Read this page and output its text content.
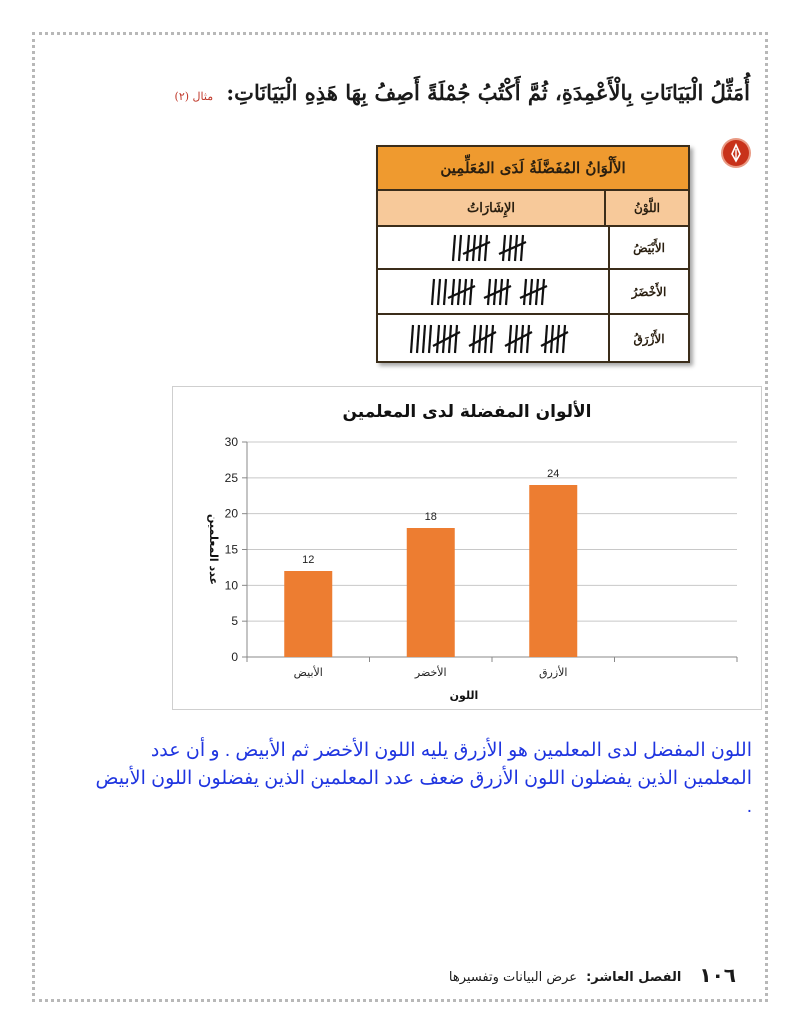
أُمَثِّلُ الْبَيَانَاتِ بِالْأَعْمِدَةِ، ثُمَّ أَكْتُبُ جُمْلَةً أَصِفُ بِهَا هَذِهِ الْبَيَانَاتِ: مثال (٢)
الأَلْوَانُ المُفَضَّلَةُ لَدَى المُعَلِّمِين
اللَّوْنُ
الإِشَارَاتُ
الأَبْيَضُ
الأَخْضَرُ
الأَزْرَقُ
الألوان المفضلة لدى المعلمين
0
5
10
15
20
25
30
12
الأبيض
18
الأخضر
24
الأزرق
اللون
عدد المعلمين
اللون المفضل لدى المعلمين هو الأزرق يليه اللون الأخضر ثم الأبيض . و أن عدد المعلمين الذين يفضلون اللون الأزرق ضعف عدد المعلمين الذين يفضلون اللون الأبيض .
١٠٦
الفصل العاشر: عرض البيانات وتفسيرها
